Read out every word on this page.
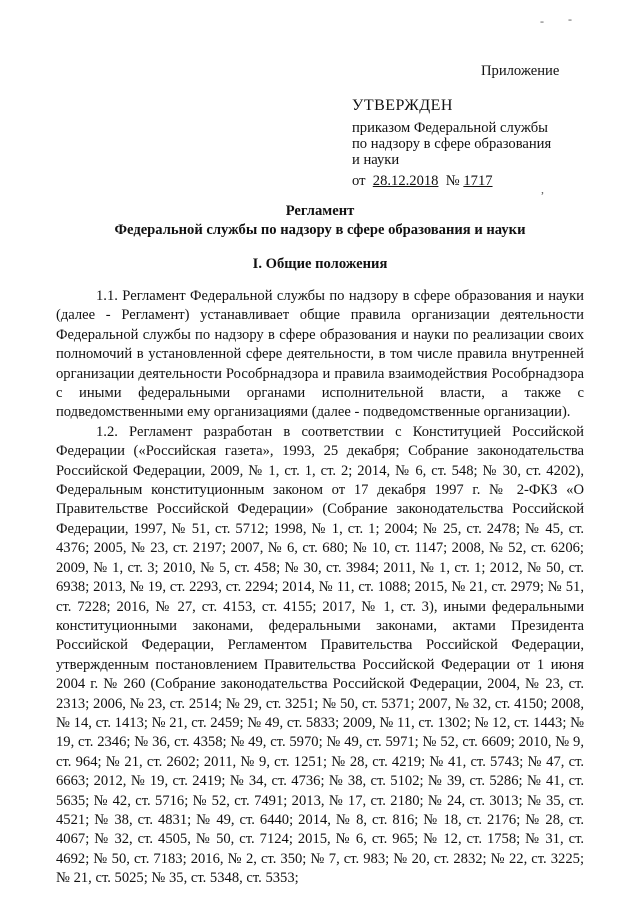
- -
,
Приложение
УТВЕРЖДЕН
приказом Федеральной службы
по надзору в сфере образования
и науки
от 28.12.2018 № 1717
Регламент
Федеральной службы по надзору в сфере образования и науки
I. Общие положения

1.1. Регламент Федеральной службы по надзору в сфере образования и науки (далее - Регламент) устанавливает общие правила организации деятельности Федеральной службы по надзору в сфере образования и науки по реализации своих полномочий в установленной сфере деятельности, в том числе правила внутренней организации деятельности Рособрнадзора и правила взаимодействия Рособрнадзора с иными федеральными органами исполнительной власти, а также с подведомственными ему организациями (далее - подведомственные организации).

1.2. Регламент разработан в соответствии с Конституцией Российской Федерации («Российская газета», 1993, 25 декабря; Собрание законодательства Российской Федерации, 2009, № 1, ст. 1, ст. 2; 2014, № 6, ст. 548; № 30, ст. 4202), Федеральным конституционным законом от 17 декабря 1997 г. № 2-ФКЗ «О Правительстве Российской Федерации» (Собрание законодательства Российской Федерации, 1997, № 51, ст. 5712; 1998, № 1, ст. 1; 2004; № 25, ст. 2478; № 45, ст. 4376; 2005, № 23, ст. 2197; 2007, № 6, ст. 680; № 10, ст. 1147; 2008, № 52, ст. 6206; 2009, № 1, ст. 3; 2010, № 5, ст. 458; № 30, ст. 3984; 2011, № 1, ст. 1; 2012, № 50, ст. 6938; 2013, № 19, ст. 2293, ст. 2294; 2014, № 11, ст. 1088; 2015, № 21, ст. 2979; № 51, ст. 7228; 2016, № 27, ст. 4153, ст. 4155; 2017, № 1, ст. 3), иными федеральными конституционными законами, федеральными законами, актами Президента Российской Федерации, Регламентом Правительства Российской Федерации, утвержденным постановлением Правительства Российской Федерации от 1 июня 2004 г. № 260 (Собрание законодательства Российской Федерации, 2004, № 23, ст. 2313; 2006, № 23, ст. 2514; № 29, ст. 3251; № 50, ст. 5371; 2007, № 32, ст. 4150; 2008, № 14, ст. 1413; № 21, ст. 2459; № 49, ст. 5833; 2009, № 11, ст. 1302; № 12, ст. 1443; № 19, ст. 2346; № 36, ст. 4358; № 49, ст. 5970; № 49, ст. 5971; № 52, ст. 6609; 2010, № 9, ст. 964; № 21, ст. 2602; 2011, № 9, ст. 1251; № 28, ст. 4219; № 41, ст. 5743; № 47, ст. 6663; 2012, № 19, ст. 2419; № 34, ст. 4736; № 38, ст. 5102; № 39, ст. 5286; № 41, ст. 5635; № 42, ст. 5716; № 52, ст. 7491; 2013, № 17, ст. 2180; № 24, ст. 3013; № 35, ст. 4521; № 38, ст. 4831; № 49, ст. 6440; 2014, № 8, ст. 816; № 18, ст. 2176; № 28, ст. 4067; № 32, ст. 4505, № 50, ст. 7124; 2015, № 6, ст. 965; № 12, ст. 1758; № 31, ст. 4692; № 50, ст. 7183; 2016, № 2, ст. 350; № 7, ст. 983; № 20, ст. 2832; № 22, ст. 3225; № 21, ст. 5025; № 35, ст. 5348, ст. 5353;
